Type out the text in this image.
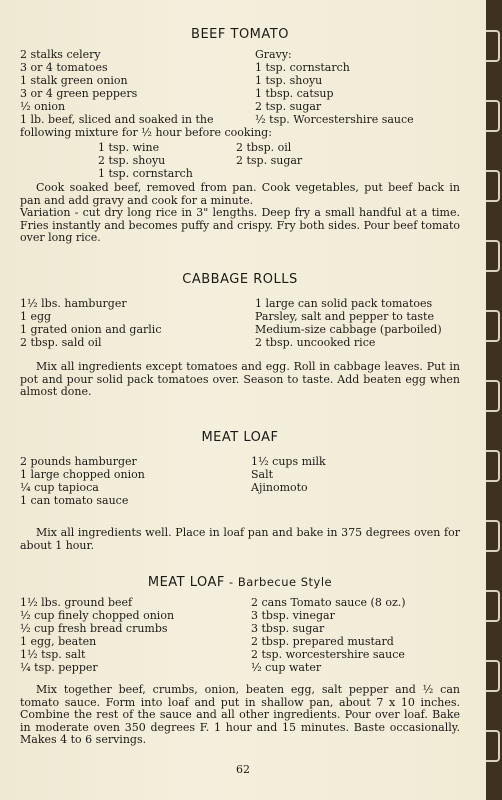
BEEF TOMATO
2 stalks celery
3 or 4 tomatoes
1 stalk green onion
3 or 4 green peppers
½ onion
1 lb. beef, sliced and soaked in the
following mixture for ½ hour before cooking:
Gravy:
1 tsp. cornstarch
1 tsp. shoyu
1 tbsp. catsup
2 tsp. sugar
½ tsp. Worcestershire sauce
1 tsp. wine
2 tsp. shoyu
1 tsp. cornstarch
2 tbsp. oil
2 tsp. sugar
Cook soaked beef, removed from pan. Cook vegetables, put beef back in pan and add gravy and cook for a minute.
Variation - cut dry long rice in 3" lengths. Deep fry a small handful at a time. Fries instantly and becomes puffy and crispy. Fry both sides. Pour beef tomato over long rice.
CABBAGE ROLLS
1½ lbs. hamburger
1 egg
1 grated onion and garlic
2 tbsp. sald oil
1 large can solid pack tomatoes
Parsley, salt and pepper to taste
Medium-size cabbage (parboiled)
2 tbsp. uncooked rice
Mix all ingredients except tomatoes and egg. Roll in cabbage leaves. Put in pot and pour solid pack tomatoes over. Season to taste. Add beaten egg when almost done.
MEAT LOAF
2 pounds hamburger
1 large chopped onion
¼ cup tapioca
1 can tomato sauce
1½ cups milk
Salt
Ajinomoto
Mix all ingredients well. Place in loaf pan and bake in 375 degrees oven for about 1 hour.
MEAT LOAF - Barbecue Style
1½ lbs. ground beef
½ cup finely chopped onion
½ cup fresh bread crumbs
1 egg, beaten
1½ tsp. salt
¼ tsp. pepper
2 cans Tomato sauce (8 oz.)
3 tbsp. vinegar
3 tbsp. sugar
2 tbsp. prepared mustard
2 tsp. worcestershire sauce
½ cup water
Mix together beef, crumbs, onion, beaten egg, salt pepper and ½ can tomato sauce. Form into loaf and put in shallow pan, about 7 x 10 inches. Combine the rest of the sauce and all other ingredients. Pour over loaf. Bake in moderate oven 350 degrees F. 1 hour and 15 minutes. Baste occasionally. Makes 4 to 6 servings.
62
